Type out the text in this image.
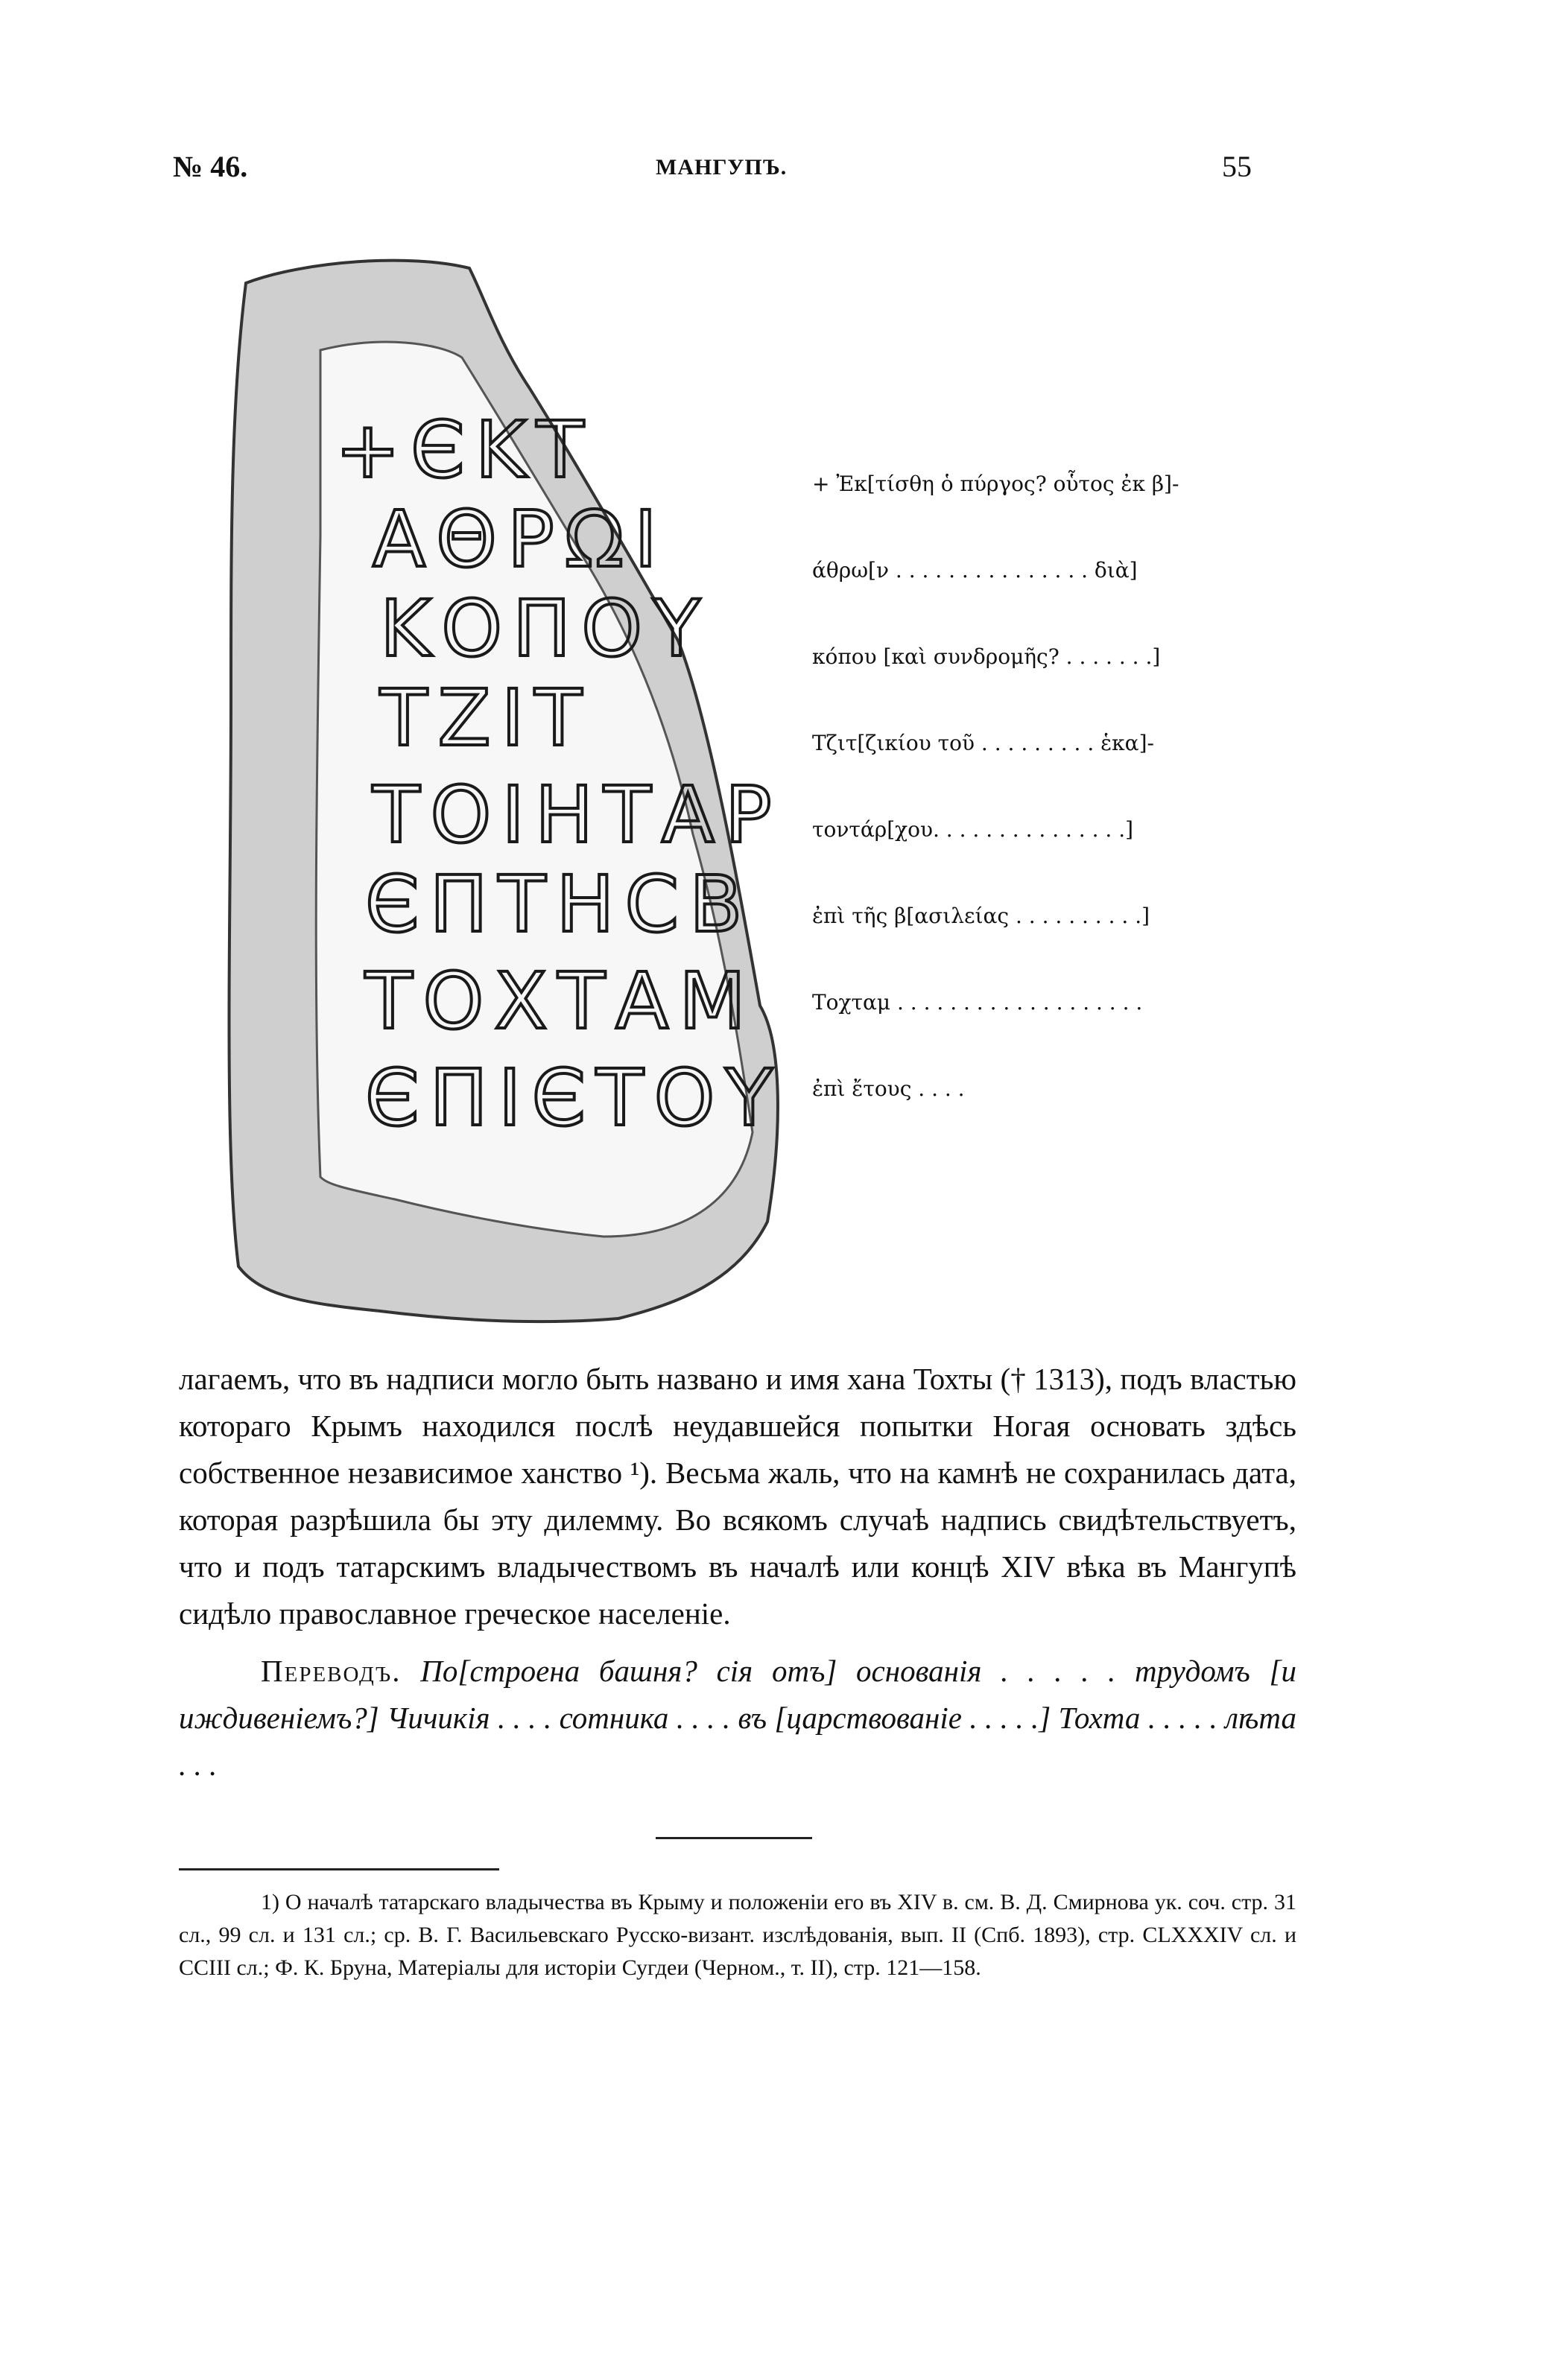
№ 46.	МАНГУПЪ.	55
+ЄΚΤ
ΑΘΡΩΙ
ΚΟΠΟΥ
ΤΖΙΤ
ΤΟΙΗΤΑΡ
ЄΠΤΗСΒ
ΤΟΧΤΑΜ
ЄΠΙЄΤΟΥ
+ Ἐκ[τίσθη ὁ πύργος? οὗτος ἐκ β]-
άθρω[ν . . . . . . . . . . . . . . . διὰ]
κόπου [καὶ συνδρομῆς? . . . . . . .]
Τζιτ[ζικίου τοῦ . . . . . . . . . ἑκα]-
τοντάρ[χου. . . . . . . . . . . . . . .]
ἐπὶ τῆς β[ασιλείας . . . . . . . . . .]
Τοχταμ . . . . . . . . . . . . . . . . . . .
ἐπὶ ἔτους . . . .

лагаемъ, что въ надписи могло быть названо и имя хана Тохты († 1313), подъ властью котораго Крымъ находился послѣ неудавшейся попытки Ногая основать здѣсь собственное независимое ханство ¹). Весьма жаль, что на камнѣ не сохранилась дата, которая разрѣшила бы эту дилемму. Во всякомъ случаѣ надпись свидѣтельствуетъ, что и подъ татарскимъ владычествомъ въ началѣ или концѣ XIV вѣка въ Мангупѣ сидѣло православное греческое населеніе.

Переводъ. По[строена башня? сія отъ] основанія . . . . . трудомъ [и иждивеніемъ?] Чичикія . . . . сотника . . . . въ [царствованіе . . . . .] Тохта . . . . . лѣта . . .

1) О началѣ татарскаго владычества въ Крыму и положеніи его въ XIV в. см. В. Д. Смирнова ук. соч. стр. 31 сл., 99 сл. и 131 сл.; ср. В. Г. Васильевскаго Русско-визант. изслѣдованія, вып. II (Спб. 1893), стр. CLXXXIV сл. и CCIII сл.; Ф. К. Бруна, Матеріалы для исторіи Сугдеи (Черном., т. II), стр. 121—158.
